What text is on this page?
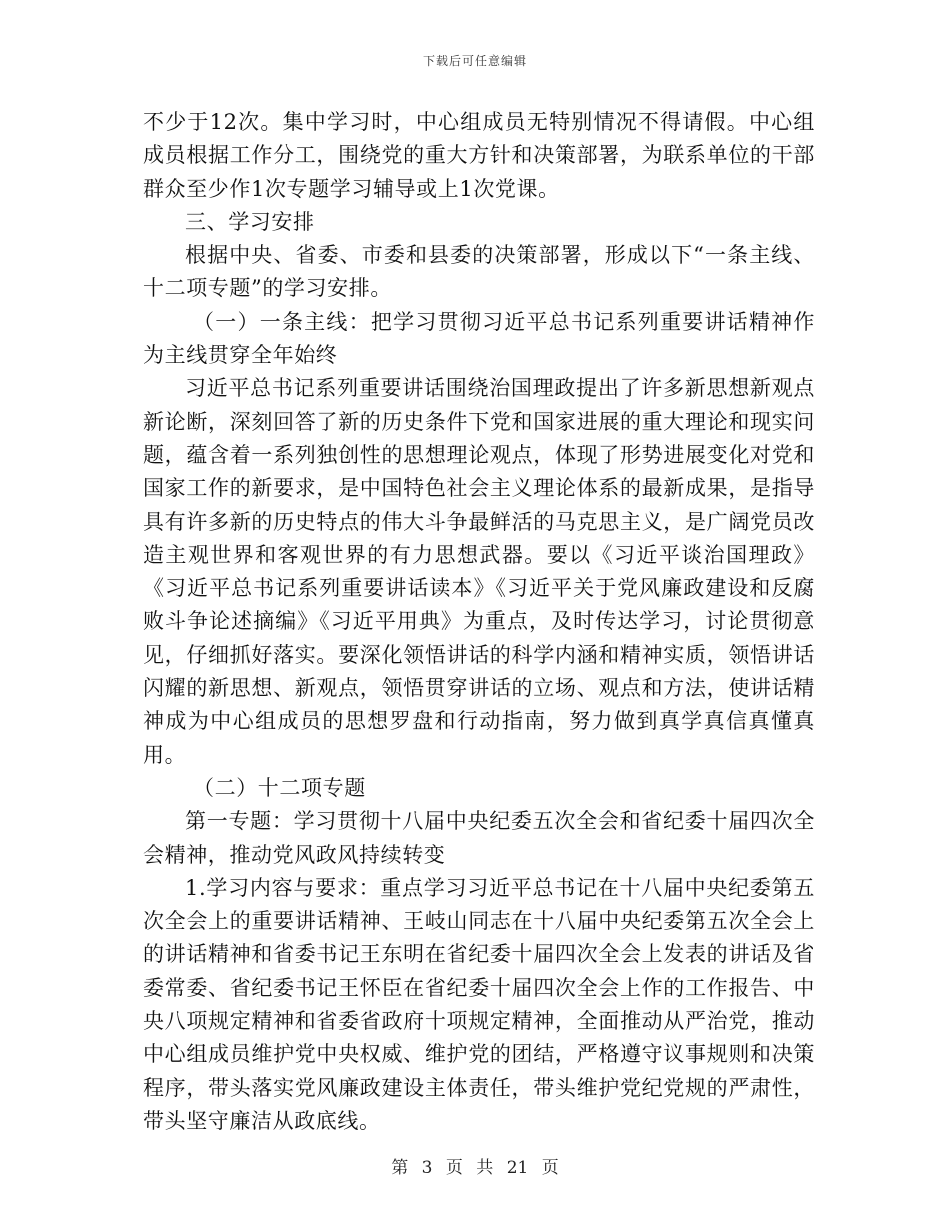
下载后可任意编辑

不少于12次。集中学习时，中心组成员无特别情况不得请假。中心组成员根据工作分工，围绕党的重大方针和决策部署，为联系单位的干部群众至少作1次专题学习辅导或上1次党课。

三、学习安排

根据中央、省委、市委和县委的决策部署，形成以下“一条主线、十二项专题”的学习安排。

（一）一条主线：把学习贯彻习近平总书记系列重要讲话精神作为主线贯穿全年始终

习近平总书记系列重要讲话围绕治国理政提出了许多新思想新观点新论断，深刻回答了新的历史条件下党和国家进展的重大理论和现实问题，蕴含着一系列独创性的思想理论观点，体现了形势进展变化对党和国家工作的新要求，是中国特色社会主义理论体系的最新成果，是指导具有许多新的历史特点的伟大斗争最鲜活的马克思主义，是广阔党员改造主观世界和客观世界的有力思想武器。要以《习近平谈治国理政》《习近平总书记系列重要讲话读本》《习近平关于党风廉政建设和反腐败斗争论述摘编》《习近平用典》为重点，及时传达学习，讨论贯彻意见，仔细抓好落实。要深化领悟讲话的科学内涵和精神实质，领悟讲话闪耀的新思想、新观点，领悟贯穿讲话的立场、观点和方法，使讲话精神成为中心组成员的思想罗盘和行动指南，努力做到真学真信真懂真用。

（二）十二项专题

第一专题：学习贯彻十八届中央纪委五次全会和省纪委十届四次全会精神，推动党风政风持续转变

1.学习内容与要求：重点学习习近平总书记在十八届中央纪委第五次全会上的重要讲话精神、王岐山同志在十八届中央纪委第五次全会上的讲话精神和省委书记王东明在省纪委十届四次全会上发表的讲话及省委常委、省纪委书记王怀臣在省纪委十届四次全会上作的工作报告、中央八项规定精神和省委省政府十项规定精神，全面推动从严治党，推动中心组成员维护党中央权威、维护党的团结，严格遵守议事规则和决策程序，带头落实党风廉政建设主体责任，带头维护党纪党规的严肃性，带头坚守廉洁从政底线。

第 3 页 共 21 页
